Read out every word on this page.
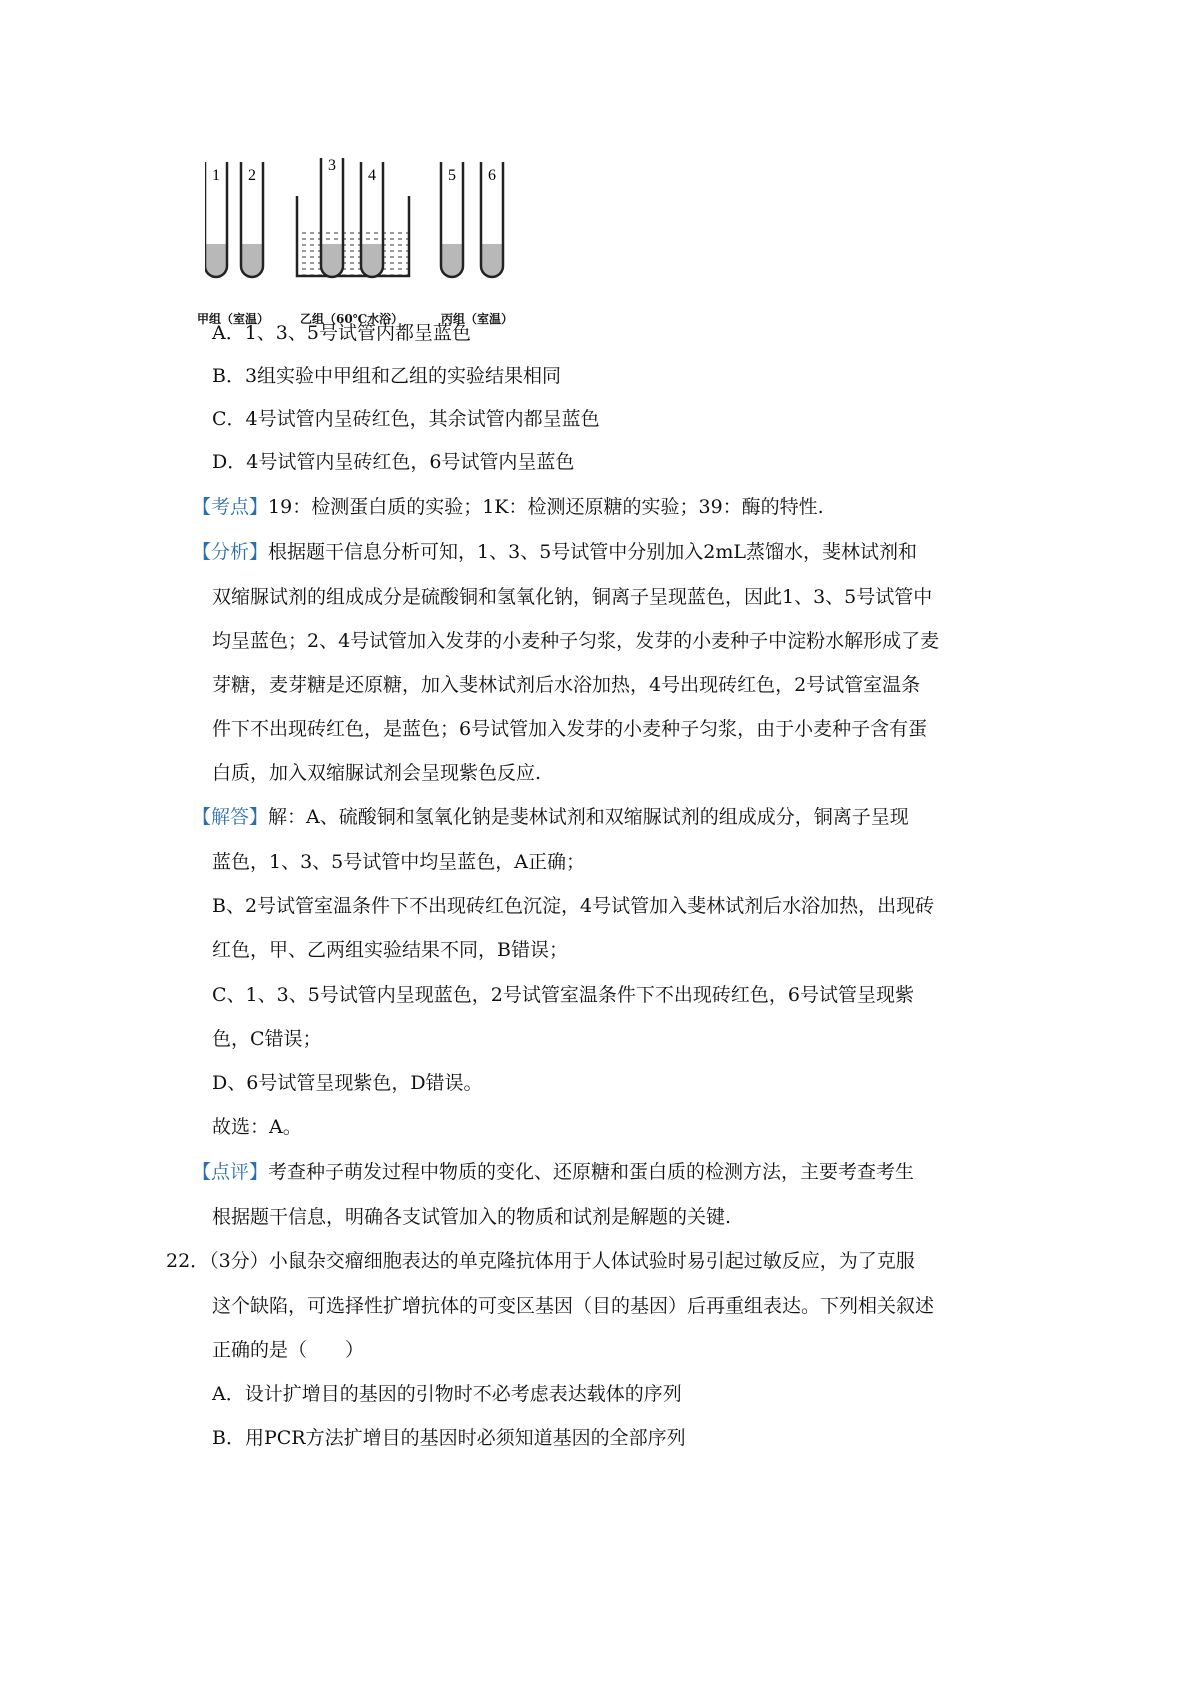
1 2
3
4	5 6
甲组（室温）	乙组（60℃水浴）	丙组（室温）
A．1、3、5号试管内都呈蓝色
B．3组实验中甲组和乙组的实验结果相同
C．4号试管内呈砖红色，其余试管内都呈蓝色
D．4号试管内呈砖红色，6号试管内呈蓝色
【考点】19：检测蛋白质的实验；1K：检测还原糖的实验；39：酶的特性.
【分析】根据题干信息分析可知，1、3、5号试管中分别加入2mL蒸馏水，斐林试剂和
双缩脲试剂的组成成分是硫酸铜和氢氧化钠，铜离子呈现蓝色，因此1、3、5号试管中
均呈蓝色；2、4号试管加入发芽的小麦种子匀浆，发芽的小麦种子中淀粉水解形成了麦
芽糖，麦芽糖是还原糖，加入斐林试剂后水浴加热，4号出现砖红色，2号试管室温条
件下不出现砖红色，是蓝色；6号试管加入发芽的小麦种子匀浆，由于小麦种子含有蛋
白质，加入双缩脲试剂会呈现紫色反应.
【解答】解：A、硫酸铜和氢氧化钠是斐林试剂和双缩脲试剂的组成成分，铜离子呈现
蓝色，1、3、5号试管中均呈蓝色，A正确；
B、2号试管室温条件下不出现砖红色沉淀，4号试管加入斐林试剂后水浴加热，出现砖
红色，甲、乙两组实验结果不同，B错误；
C、1、3、5号试管内呈现蓝色，2号试管室温条件下不出现砖红色，6号试管呈现紫
色，C错误；
D、6号试管呈现紫色，D错误。
故选：A。
【点评】考查种子萌发过程中物质的变化、还原糖和蛋白质的检测方法，主要考查考生
根据题干信息，明确各支试管加入的物质和试剂是解题的关键.
22．（3分）小鼠杂交瘤细胞表达的单克隆抗体用于人体试验时易引起过敏反应，为了克服
这个缺陷，可选择性扩增抗体的可变区基因（目的基因）后再重组表达。下列相关叙述
正确的是（　　）
A．设计扩增目的基因的引物时不必考虑表达载体的序列
B．用PCR方法扩增目的基因时必须知道基因的全部序列
